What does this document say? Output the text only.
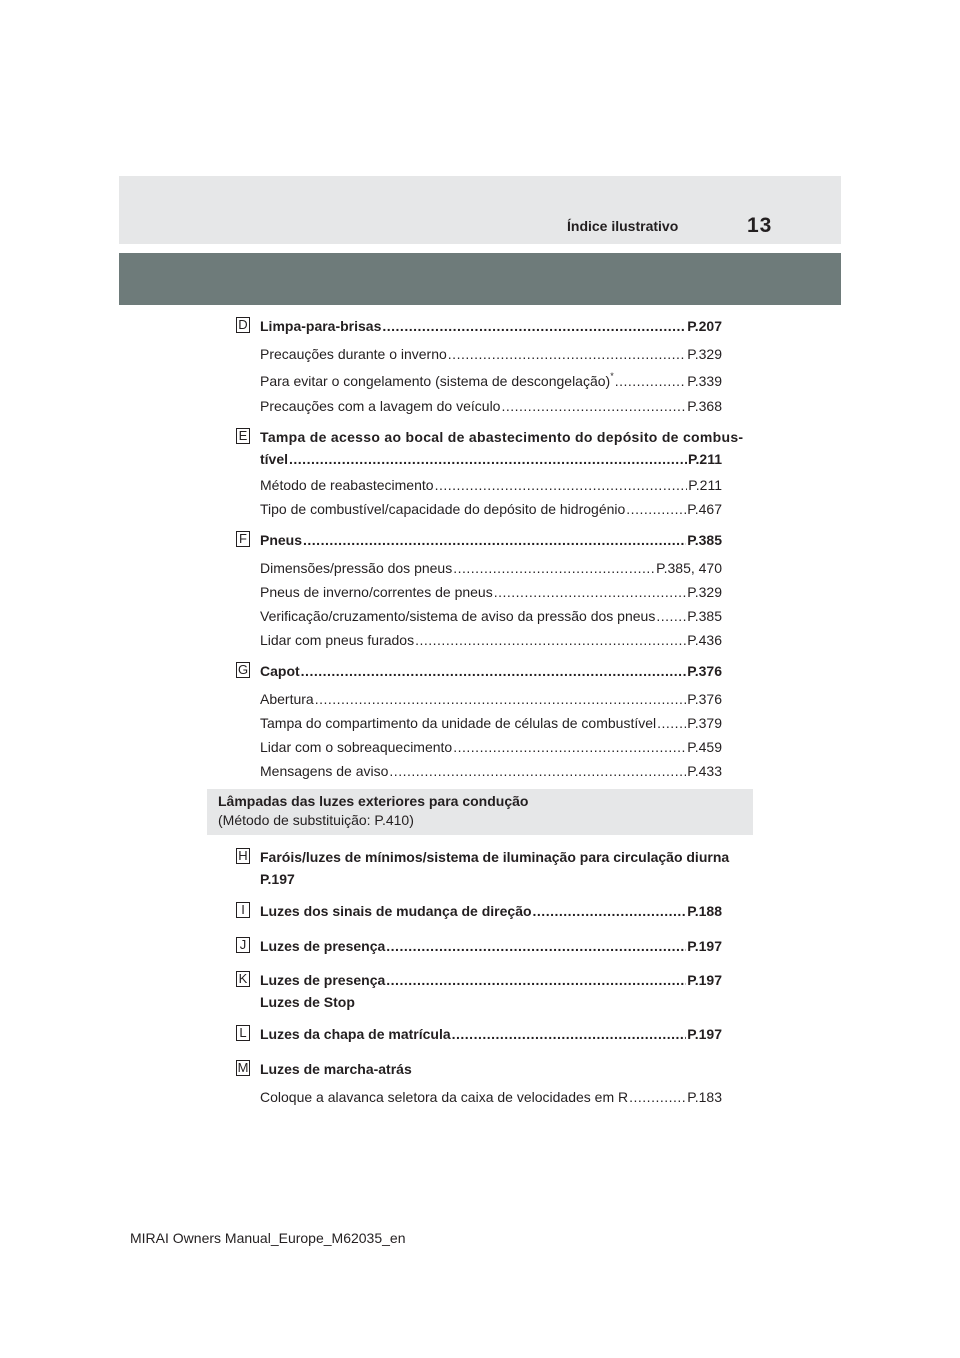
Índice ilustrativo	13
D Limpa-para-brisas .....	P.207
Precauções durante o inverno .....	P.329
Para evitar o congelamento (sistema de descongelação)* .....	P.339
Precauções com a lavagem do veículo .....	P.368
E Tampa de acesso ao bocal de abastecimento do depósito de combus-
tível .....	P.211
Método de reabastecimento .....	P.211
Tipo de combustível/capacidade do depósito de hidrogénio .....	P.467
F Pneus .....	P.385
Dimensões/pressão dos pneus .....	P.385, 470
Pneus de inverno/correntes de pneus .....	P.329
Verificação/cruzamento/sistema de aviso da pressão dos pneus ..... P.385
Lidar com pneus furados .....	P.436
G Capot .....	P.376
Abertura .....	P.376
Tampa do compartimento da unidade de células de combustível ..... P.379
Lidar com o sobreaquecimento .....	P.459
Mensagens de aviso .....	P.433
Lâmpadas das luzes exteriores para condução
(Método de substituição: P.410)
H Faróis/luzes de mínimos/sistema de iluminação para circulação diurna
P.197
I	Luzes dos sinais de mudança de direção .....	P.188
J Luzes de presença .....	P.197
K Luzes de presença .....	P.197
Luzes de Stop
L Luzes da chapa de matrícula .....	P.197
M Luzes de marcha-atrás
Coloque a alavanca seletora da caixa de velocidades em R .....	P.183
MIRAI Owners Manual_Europe_M62035_en
